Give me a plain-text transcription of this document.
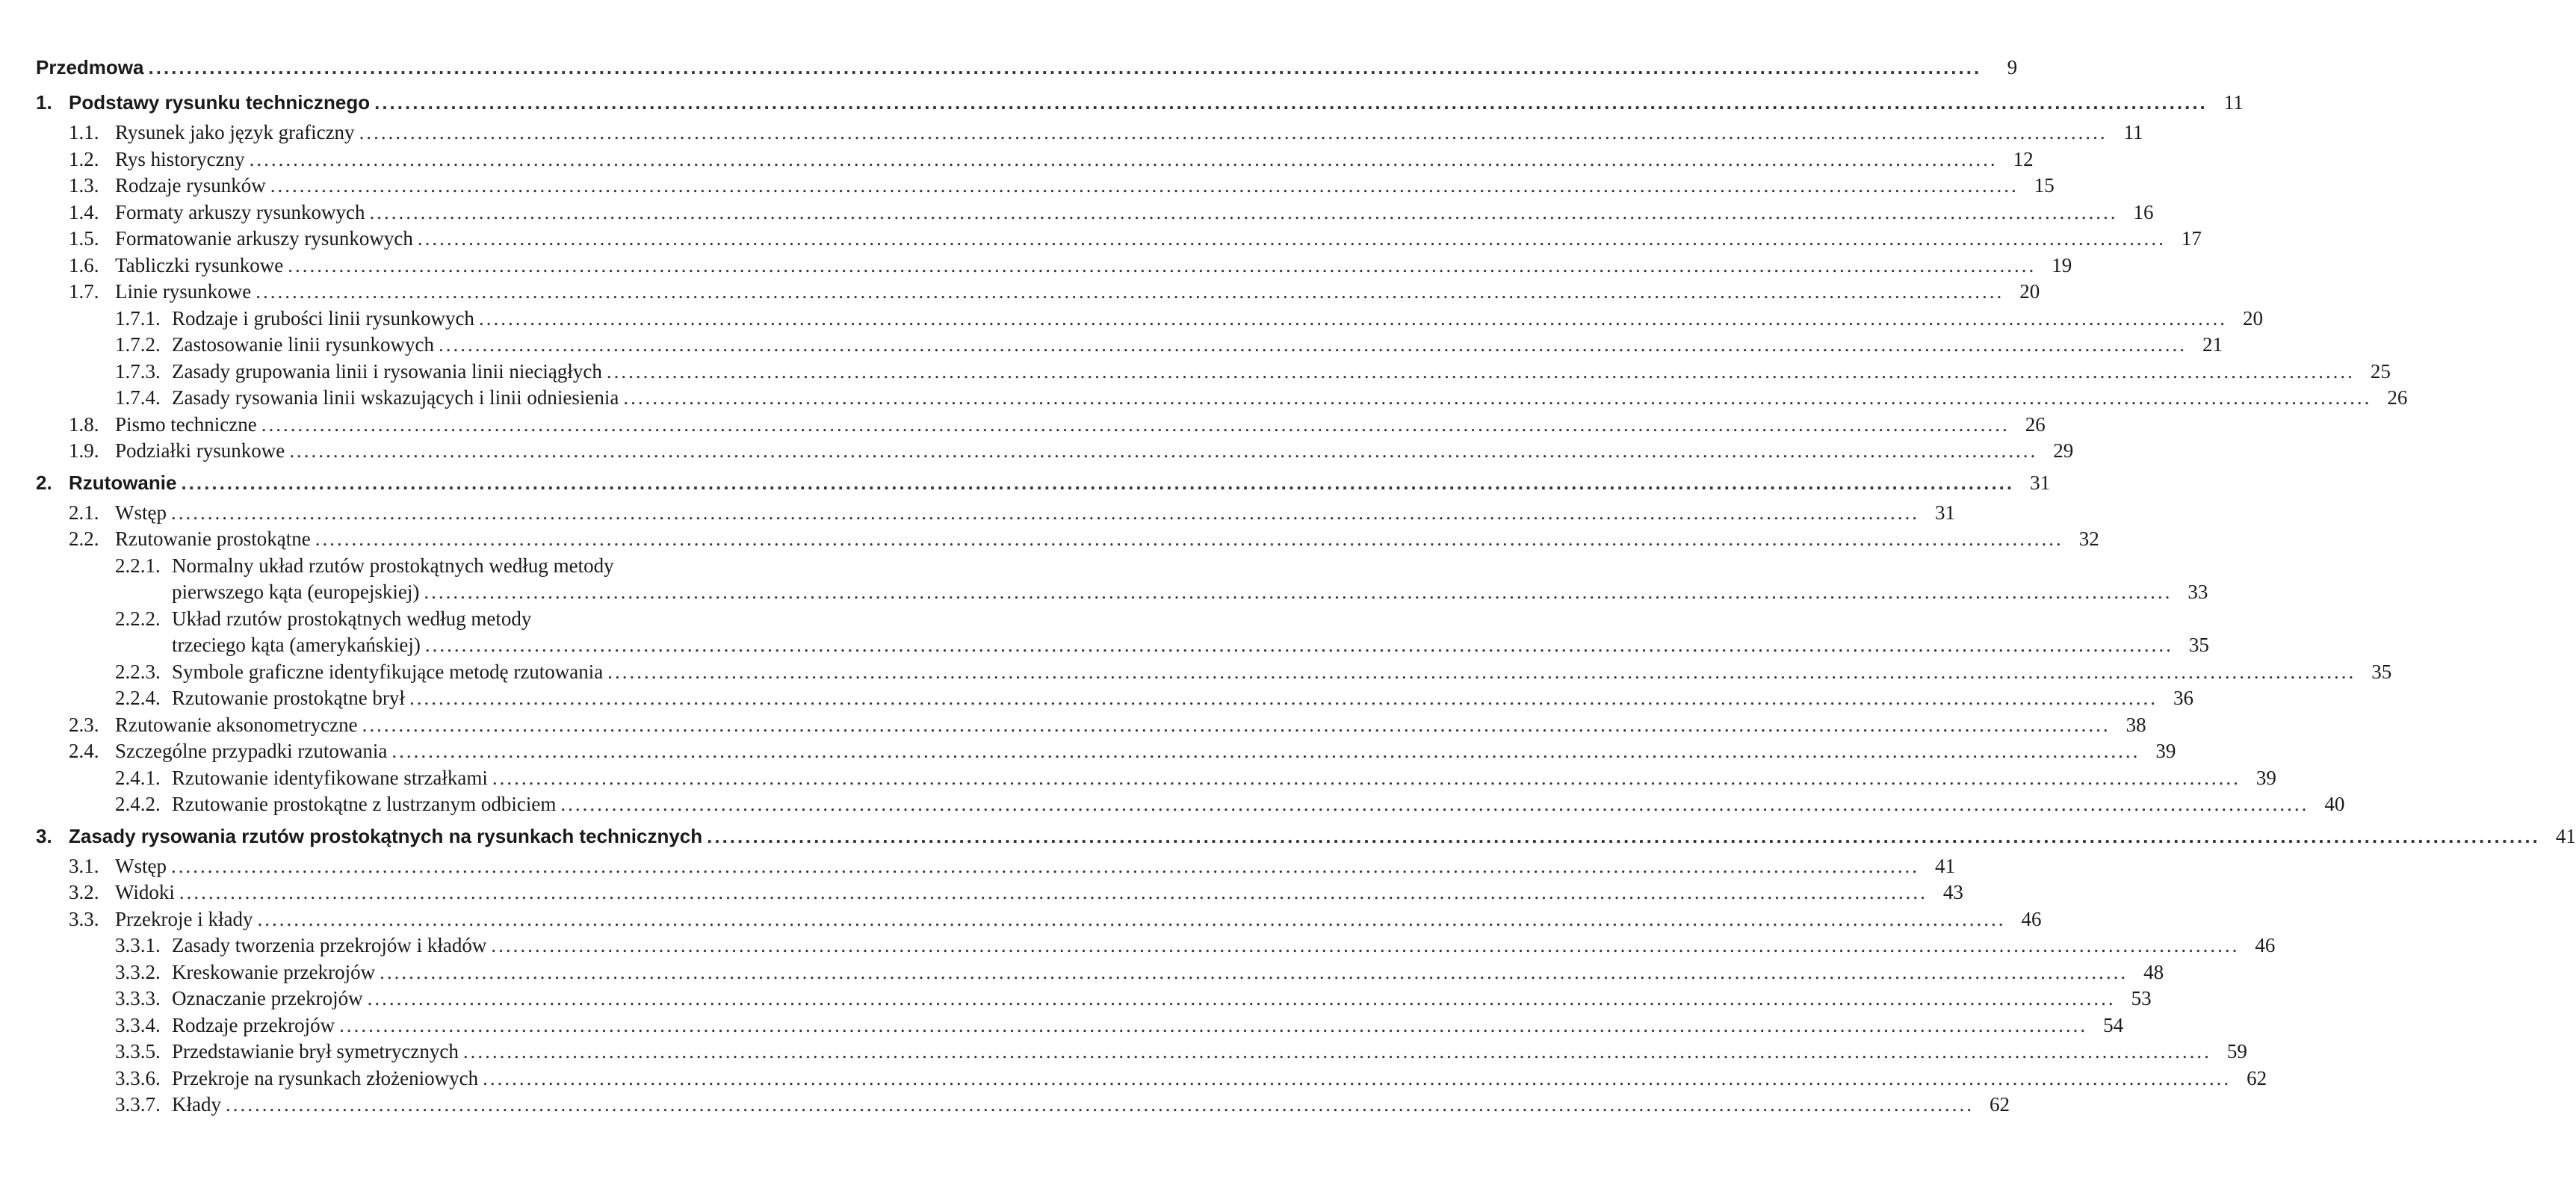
Przedmowa .....	9
1. Podstawy rysunku technicznego .....	11
1.1. Rysunek jako język graficzny .....	11
1.2. Rys historyczny .....	12
1.3. Rodzaje rysunków .....	15
1.4. Formaty arkuszy rysunkowych .....	16
1.5. Formatowanie arkuszy rysunkowych .....	17
1.6. Tabliczki rysunkowe .....	19
1.7. Linie rysunkowe .....	20
1.7.1. Rodzaje i grubości linii rysunkowych .....	20
1.7.2. Zastosowanie linii rysunkowych .....	21
1.7.3. Zasady grupowania linii i rysowania linii nieciągłych .....	25
1.7.4. Zasady rysowania linii wskazujących i linii odniesienia .....	26
1.8. Pismo techniczne .....	26
1.9. Podziałki rysunkowe .....	29
2. Rzutowanie .....	31
2.1. Wstęp .....	31
2.2. Rzutowanie prostokątne .....	32
2.2.1. Normalny układ rzutów prostokątnych według metody
pierwszego kąta (europejskiej) .....	33
2.2.2. Układ rzutów prostokątnych według metody
trzeciego kąta (amerykańskiej) .....	35
2.2.3. Symbole graficzne identyfikujące metodę rzutowania .....	35
2.2.4. Rzutowanie prostokątne brył .....	36
2.3. Rzutowanie aksonometryczne .....	38
2.4. Szczególne przypadki rzutowania .....	39
2.4.1. Rzutowanie identyfikowane strzałkami .....	39
2.4.2. Rzutowanie prostokątne z lustrzanym odbiciem .....	40
3. Zasady rysowania rzutów prostokątnych na rysunkach technicznych .....	41
3.1. Wstęp .....	41
3.2. Widoki .....	43
3.3. Przekroje i kłady .....	46
3.3.1. Zasady tworzenia przekrojów i kładów .....	46
3.3.2. Kreskowanie przekrojów .....	48
3.3.3. Oznaczanie przekrojów .....	53
3.3.4. Rodzaje przekrojów .....	54
3.3.5. Przedstawianie brył symetrycznych .....	59
3.3.6. Przekroje na rysunkach złożeniowych .....	62
3.3.7. Kłady .....	62
